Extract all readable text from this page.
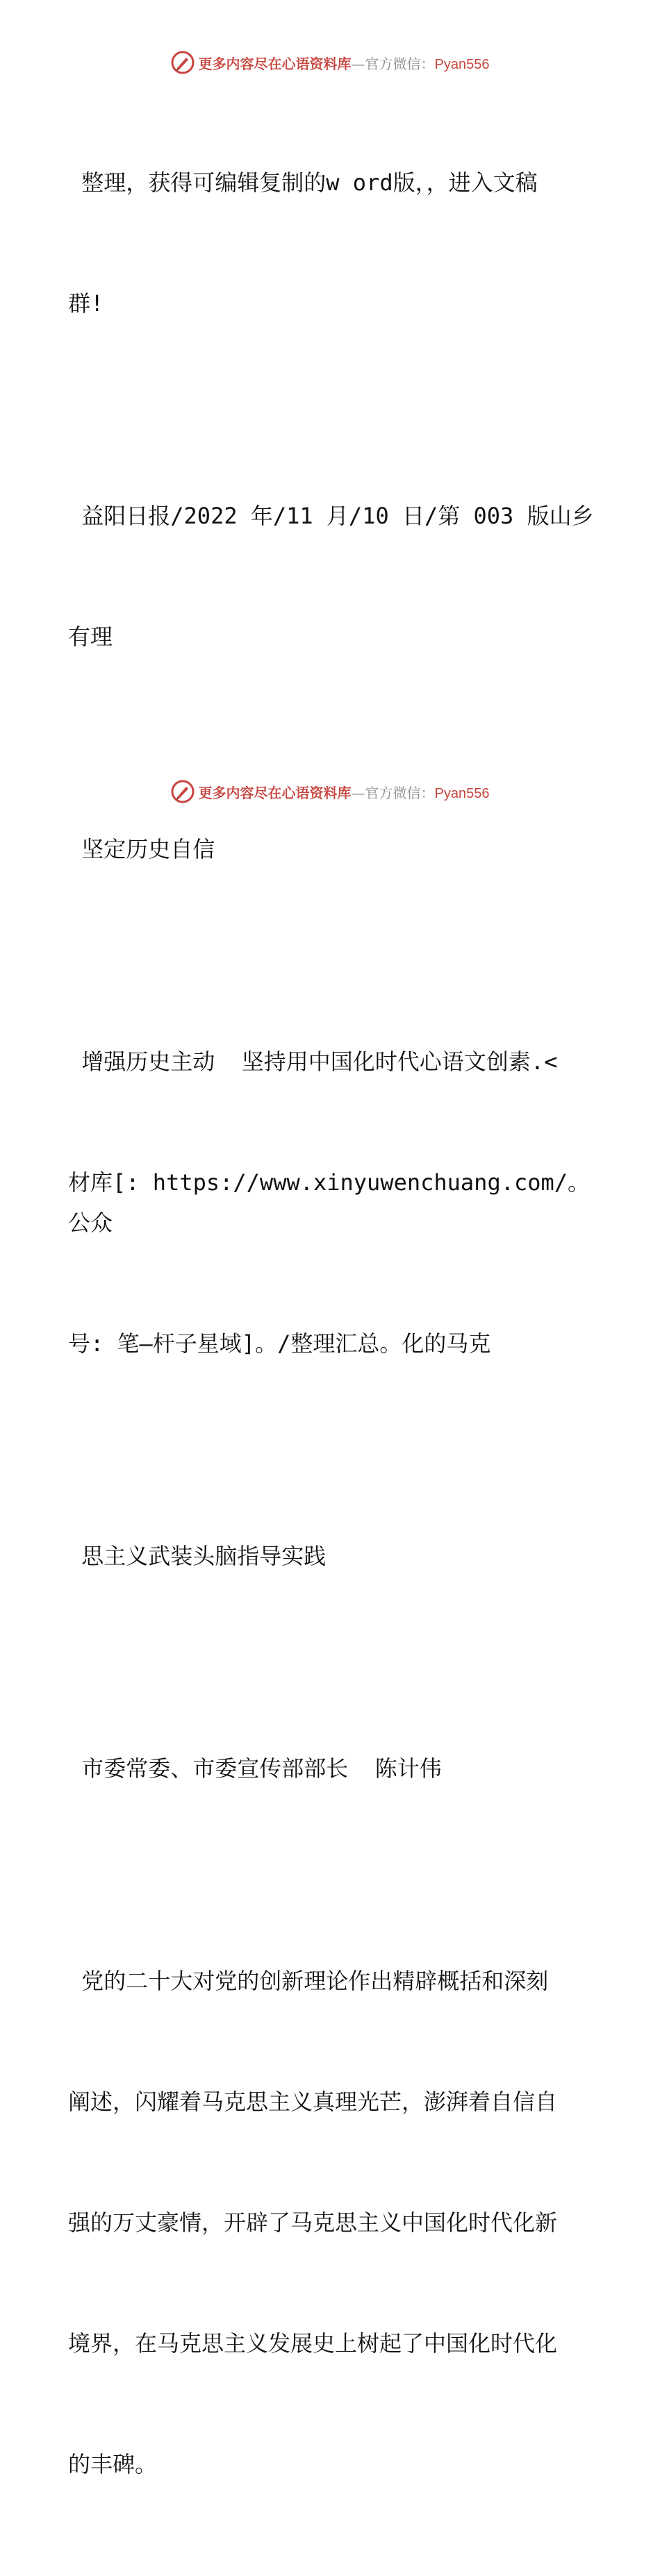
更多内容尽在心语资料库 —官方微信： Pyan556

整理，获得可编辑复制的w ord版，，进入文稿

群!

益阳日报/2022 年/11 月/10 日/第 003 版山乡

有理

坚定历史自信

增强历史主动  坚持用中国化时代心语文创素.<

材库[: https://www.xinyuwenchuang.com/。公众

号: 笔—杆子星域]。/整理汇总。化的马克

思主义武装头脑指导实践

市委常委、市委宣传部部长  陈计伟

党的二十大对党的创新理论作出精辟概括和深刻

阐述，闪耀着马克思主义真理光芒，澎湃着自信自

强的万丈豪情，开辟了马克思主义中国化时代化新

境界，在马克思主义发展史上树起了中国化时代化

的丰碑。

更多内容尽在心语资料库 —官方微信： Pyan556
